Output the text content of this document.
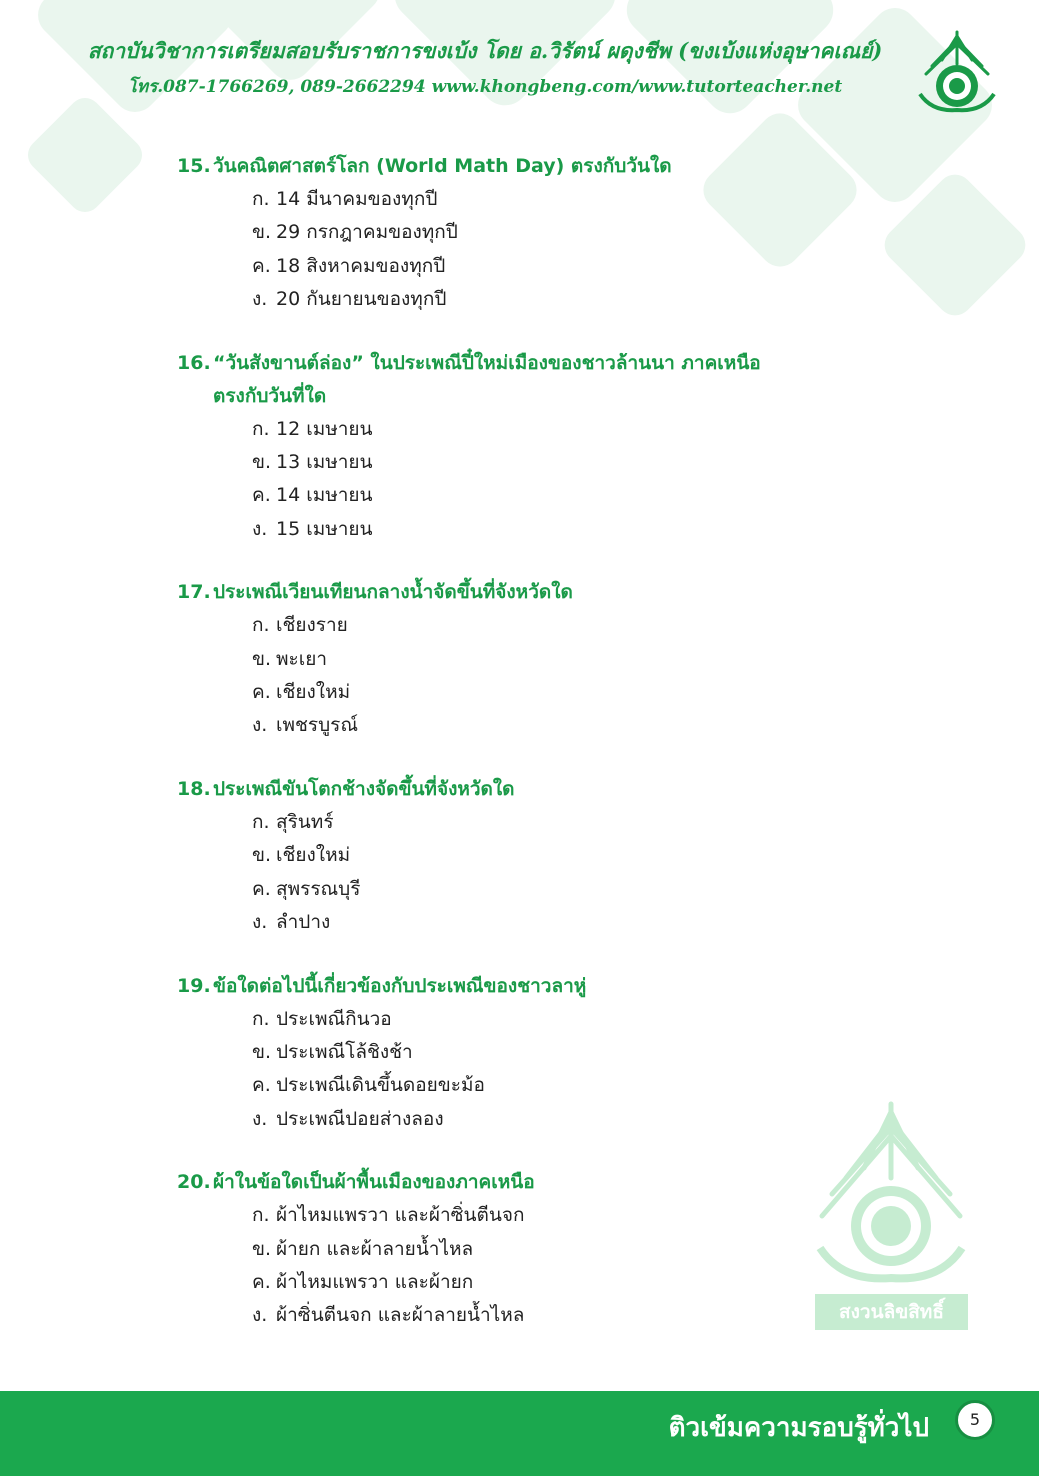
สถาบันวิชาการเตรียมสอบรับราชการขงเบ้ง โดย อ.วิรัตน์ ผดุงชีพ (ขงเบ้งแห่งอุษาคเณย์)
โทร.087-1766269, 089-2662294 www.khongbeng.com/www.tutorteacher.net
15. วันคณิตศาสตร์โลก (World Math Day) ตรงกับวันใด
ก. 14 มีนาคมของทุกปี
ข. 29 กรกฎาคมของทุกปี
ค. 18 สิงหาคมของทุกปี
ง. 20 กันยายนของทุกปี
16. “วันสังขานต์ล่อง” ในประเพณีปี๋ใหม่เมืองของชาวล้านนา ภาคเหนือ
ตรงกับวันที่ใด
ก. 12 เมษายน
ข. 13 เมษายน
ค. 14 เมษายน
ง. 15 เมษายน
17. ประเพณีเวียนเทียนกลางน้ำจัดขึ้นที่จังหวัดใด
ก. เชียงราย
ข. พะเยา
ค. เชียงใหม่
ง. เพชรบูรณ์
18. ประเพณีขันโตกช้างจัดขึ้นที่จังหวัดใด
ก. สุรินทร์
ข. เชียงใหม่
ค. สุพรรณบุรี
ง. ลำปาง
19. ข้อใดต่อไปนี้เกี่ยวข้องกับประเพณีของชาวลาหู่
ก. ประเพณีกินวอ
ข. ประเพณีโล้ชิงช้า
ค. ประเพณีเดินขึ้นดอยขะม้อ
ง. ประเพณีปอยส่างลอง
20. ผ้าในข้อใดเป็นผ้าพื้นเมืองของภาคเหนือ
ก. ผ้าไหมแพรวา และผ้าซิ่นตีนจก
ข. ผ้ายก และผ้าลายน้ำไหล
ค. ผ้าไหมแพรวา และผ้ายก
ง. ผ้าซิ่นตีนจก และผ้าลายน้ำไหล	สงวนลิขสิทธิ์
ติวเข้มความรอบรู้ทั่วไป	5
